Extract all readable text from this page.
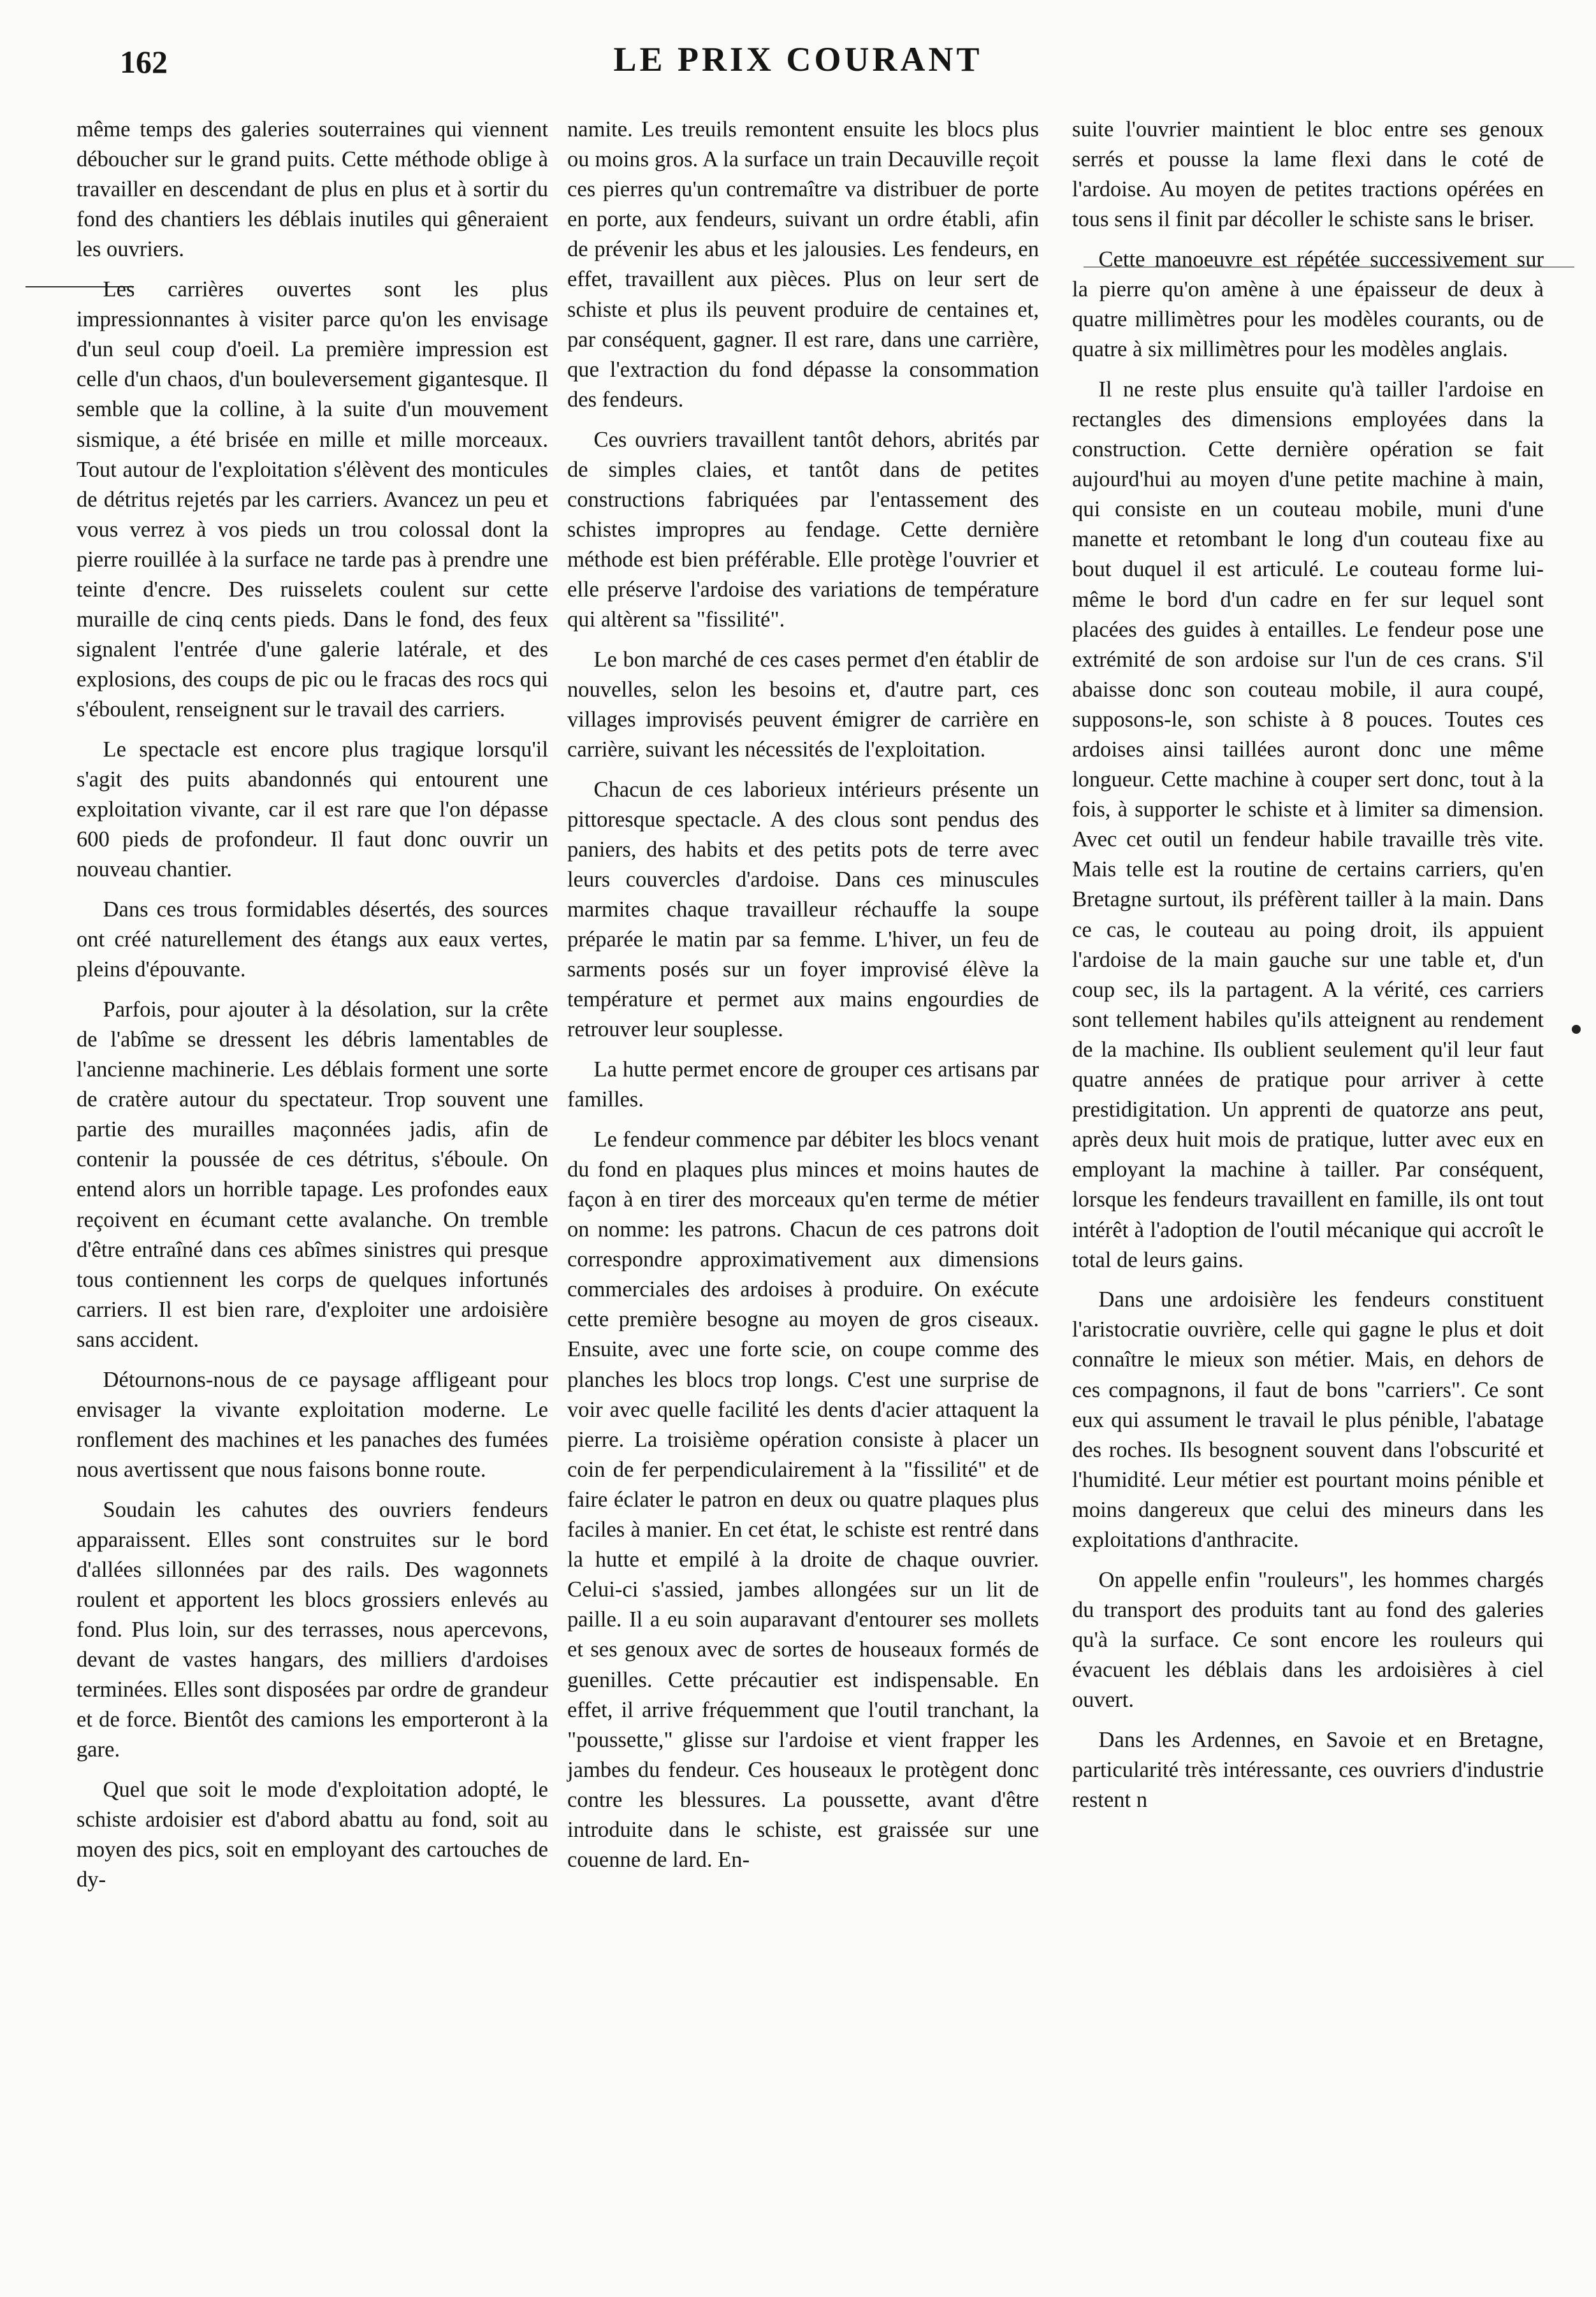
162	LE PRIX COURANT

même temps des galeries souterraines qui viennent déboucher sur le grand puits. Cette méthode oblige à travailler en descendant de plus en plus et à sortir du fond des chantiers les déblais inutiles qui gêneraient les ouvriers.

Les carrières ouvertes sont les plus impressionnantes à visiter parce qu'on les envisage d'un seul coup d'oeil. La première impression est celle d'un chaos, d'un bouleversement gigantesque. Il semble que la colline, à la suite d'un mouvement sismique, a été brisée en mille et mille morceaux. Tout autour de l'exploitation s'élèvent des monticules de détritus rejetés par les carriers. Avancez un peu et vous verrez à vos pieds un trou colossal dont la pierre rouillée à la surface ne tarde pas à prendre une teinte d'encre. Des ruisselets coulent sur cette muraille de cinq cents pieds. Dans le fond, des feux signalent l'entrée d'une galerie latérale, et des explosions, des coups de pic ou le fracas des rocs qui s'éboulent, renseignent sur le travail des carriers.

Le spectacle est encore plus tragique lorsqu'il s'agit des puits abandonnés qui entourent une exploitation vivante, car il est rare que l'on dépasse 600 pieds de profondeur. Il faut donc ouvrir un nouveau chantier.

Dans ces trous formidables désertés, des sources ont créé naturellement des étangs aux eaux vertes, pleins d'épouvante.

Parfois, pour ajouter à la désolation, sur la crête de l'abîme se dressent les débris lamentables de l'ancienne machinerie. Les déblais forment une sorte de cratère autour du spectateur. Trop souvent une partie des murailles maçonnées jadis, afin de contenir la poussée de ces détritus, s'éboule. On entend alors un horrible tapage. Les profondes eaux reçoivent en écumant cette avalanche. On tremble d'être entraîné dans ces abîmes sinistres qui presque tous contiennent les corps de quelques infortunés carriers. Il est bien rare, d'exploiter une ardoisière sans accident.

Détournons-nous de ce paysage affligeant pour envisager la vivante exploitation moderne. Le ronflement des machines et les panaches des fumées nous avertissent que nous faisons bonne route.

Soudain les cahutes des ouvriers fendeurs apparaissent. Elles sont construites sur le bord d'allées sillonnées par des rails. Des wagonnets roulent et apportent les blocs grossiers enlevés au fond. Plus loin, sur des terrasses, nous apercevons, devant de vastes hangars, des milliers d'ardoises terminées. Elles sont disposées par ordre de grandeur et de force. Bientôt des camions les emporteront à la gare.

Quel que soit le mode d'exploitation adopté, le schiste ardoisier est d'abord abattu au fond, soit au moyen des pics, soit en employant des cartouches de dy-

namite. Les treuils remontent ensuite les blocs plus ou moins gros. A la surface un train Decauville reçoit ces pierres qu'un contremaître va distribuer de porte en porte, aux fendeurs, suivant un ordre établi, afin de prévenir les abus et les jalousies. Les fendeurs, en effet, travaillent aux pièces. Plus on leur sert de schiste et plus ils peuvent produire de centaines et, par conséquent, gagner. Il est rare, dans une carrière, que l'extraction du fond dépasse la consommation des fendeurs.

Ces ouvriers travaillent tantôt dehors, abrités par de simples claies, et tantôt dans de petites constructions fabriquées par l'entassement des schistes impropres au fendage. Cette dernière méthode est bien préférable. Elle protège l'ouvrier et elle préserve l'ardoise des variations de température qui altèrent sa "fissilité".

Le bon marché de ces cases permet d'en établir de nouvelles, selon les besoins et, d'autre part, ces villages improvisés peuvent émigrer de carrière en carrière, suivant les nécessités de l'exploitation.

Chacun de ces laborieux intérieurs présente un pittoresque spectacle. A des clous sont pendus des paniers, des habits et des petits pots de terre avec leurs couvercles d'ardoise. Dans ces minuscules marmites chaque travailleur réchauffe la soupe préparée le matin par sa femme. L'hiver, un feu de sarments posés sur un foyer improvisé élève la température et permet aux mains engourdies de retrouver leur souplesse.

La hutte permet encore de grouper ces artisans par familles.

Le fendeur commence par débiter les blocs venant du fond en plaques plus minces et moins hautes de façon à en tirer des morceaux qu'en terme de métier on nomme: les patrons. Chacun de ces patrons doit correspondre approximativement aux dimensions commerciales des ardoises à produire. On exécute cette première besogne au moyen de gros ciseaux. Ensuite, avec une forte scie, on coupe comme des planches les blocs trop longs. C'est une surprise de voir avec quelle facilité les dents d'acier attaquent la pierre. La troisième opération consiste à placer un coin de fer perpendiculairement à la "fissilité" et de faire éclater le patron en deux ou quatre plaques plus faciles à manier. En cet état, le schiste est rentré dans la hutte et empilé à la droite de chaque ouvrier. Celui-ci s'assied, jambes allongées sur un lit de paille. Il a eu soin auparavant d'entourer ses mollets et ses genoux avec de sortes de houseaux formés de guenilles. Cette précautier est indispensable. En effet, il arrive fréquemment que l'outil tranchant, la "poussette," glisse sur l'ardoise et vient frapper les jambes du fendeur. Ces houseaux le protègent donc contre les blessures. La poussette, avant d'être introduite dans le schiste, est graissée sur une couenne de lard. En-

suite l'ouvrier maintient le bloc entre ses genoux serrés et pousse la lame flexi dans le coté de l'ardoise. Au moyen de petites tractions opérées en tous sens il finit par décoller le schiste sans le briser.

Cette manoeuvre est répétée successivement sur la pierre qu'on amène à une épaisseur de deux à quatre millimètres pour les modèles courants, ou de quatre à six millimètres pour les modèles anglais.

Il ne reste plus ensuite qu'à tailler l'ardoise en rectangles des dimensions employées dans la construction. Cette dernière opération se fait aujourd'hui au moyen d'une petite machine à main, qui consiste en un couteau mobile, muni d'une manette et retombant le long d'un couteau fixe au bout duquel il est articulé. Le couteau forme lui-même le bord d'un cadre en fer sur lequel sont placées des guides à entailles. Le fendeur pose une extrémité de son ardoise sur l'un de ces crans. S'il abaisse donc son couteau mobile, il aura coupé, supposons-le, son schiste à 8 pouces. Toutes ces ardoises ainsi taillées auront donc une même longueur. Cette machine à couper sert donc, tout à la fois, à supporter le schiste et à limiter sa dimension. Avec cet outil un fendeur habile travaille très vite. Mais telle est la routine de certains carriers, qu'en Bretagne surtout, ils préfèrent tailler à la main. Dans ce cas, le couteau au poing droit, ils appuient l'ardoise de la main gauche sur une table et, d'un coup sec, ils la partagent. A la vérité, ces carriers sont tellement habiles qu'ils atteignent au rendement de la machine. Ils oublient seulement qu'il leur faut quatre années de pratique pour arriver à cette prestidigitation. Un apprenti de quatorze ans peut, après deux huit mois de pratique, lutter avec eux en employant la machine à tailler. Par conséquent, lorsque les fendeurs travaillent en famille, ils ont tout intérêt à l'adoption de l'outil mécanique qui accroît le total de leurs gains.

Dans une ardoisière les fendeurs constituent l'aristocratie ouvrière, celle qui gagne le plus et doit connaître le mieux son métier. Mais, en dehors de ces compagnons, il faut de bons "carriers". Ce sont eux qui assument le travail le plus pénible, l'abatage des roches. Ils besognent souvent dans l'obscurité et l'humidité. Leur métier est pourtant moins pénible et moins dangereux que celui des mineurs dans les exploitations d'anthracite.

On appelle enfin "rouleurs", les hommes chargés du transport des produits tant au fond des galeries qu'à la surface. Ce sont encore les rouleurs qui évacuent les déblais dans les ardoisières à ciel ouvert.

Dans les Ardennes, en Savoie et en Bretagne, particularité très intéressante, ces ouvriers d'industrie restent n
